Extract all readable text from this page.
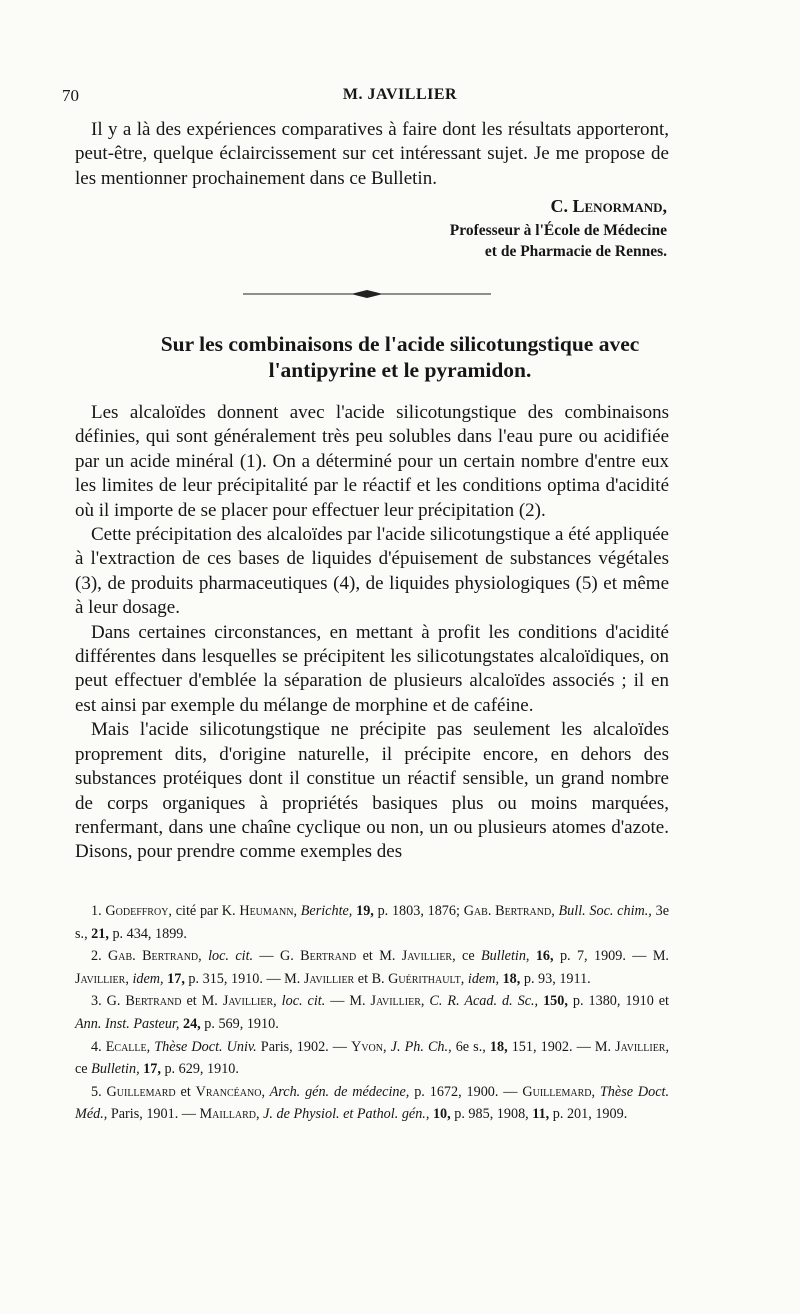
70	M. JAVILLIER

Il y a là des expériences comparatives à faire dont les résultats apporteront, peut-être, quelque éclaircissement sur cet intéressant sujet. Je me propose de les mentionner prochainement dans ce Bulletin.

C. Lenormand,
Professeur à l'École de Médecine
et de Pharmacie de Rennes.
Sur les combinaisons de l'acide silicotungstique avec
l'antipyrine et le pyramidon.

Les alcaloïdes donnent avec l'acide silicotungstique des combinaisons définies, qui sont généralement très peu solubles dans l'eau pure ou acidifiée par un acide minéral (1). On a déterminé pour un certain nombre d'entre eux les limites de leur précipitalité par le réactif et les conditions optima d'acidité où il importe de se placer pour effectuer leur précipitation (2).

Cette précipitation des alcaloïdes par l'acide silicotungstique a été appliquée à l'extraction de ces bases de liquides d'épuisement de substances végétales (3), de produits pharmaceutiques (4), de liquides physiologiques (5) et même à leur dosage.

Dans certaines circonstances, en mettant à profit les conditions d'acidité différentes dans lesquelles se précipitent les silicotungstates alcaloïdiques, on peut effectuer d'emblée la séparation de plusieurs alcaloïdes associés ; il en est ainsi par exemple du mélange de morphine et de caféine.

Mais l'acide silicotungstique ne précipite pas seulement les alcaloïdes proprement dits, d'origine naturelle, il précipite encore, en dehors des substances protéiques dont il constitue un réactif sensible, un grand nombre de corps organiques à propriétés basiques plus ou moins marquées, renfermant, dans une chaîne cyclique ou non, un ou plusieurs atomes d'azote. Disons, pour prendre comme exemples des

1. Godeffroy, cité par K. Heumann, Berichte, 19, p. 1803, 1876; Gab. Bertrand, Bull. Soc. chim., 3e s., 21, p. 434, 1899.

2. Gab. Bertrand, loc. cit. — G. Bertrand et M. Javillier, ce Bulletin, 16, p. 7, 1909. — M. Javillier, idem, 17, p. 315, 1910. — M. Javillier et B. Guérithault, idem, 18, p. 93, 1911.

3. G. Bertrand et M. Javillier, loc. cit. — M. Javillier, C. R. Acad. d. Sc., 150, p. 1380, 1910 et Ann. Inst. Pasteur, 24, p. 569, 1910.

4. Ecalle, Thèse Doct. Univ. Paris, 1902. — Yvon, J. Ph. Ch., 6e s., 18, 151, 1902. — M. Javillier, ce Bulletin, 17, p. 629, 1910.

5. Guillemard et Vrancéano, Arch. gén. de médecine, p. 1672, 1900. — Guillemard, Thèse Doct. Méd., Paris, 1901. — Maillard, J. de Physiol. et Pathol. gén., 10, p. 985, 1908, 11, p. 201, 1909.
